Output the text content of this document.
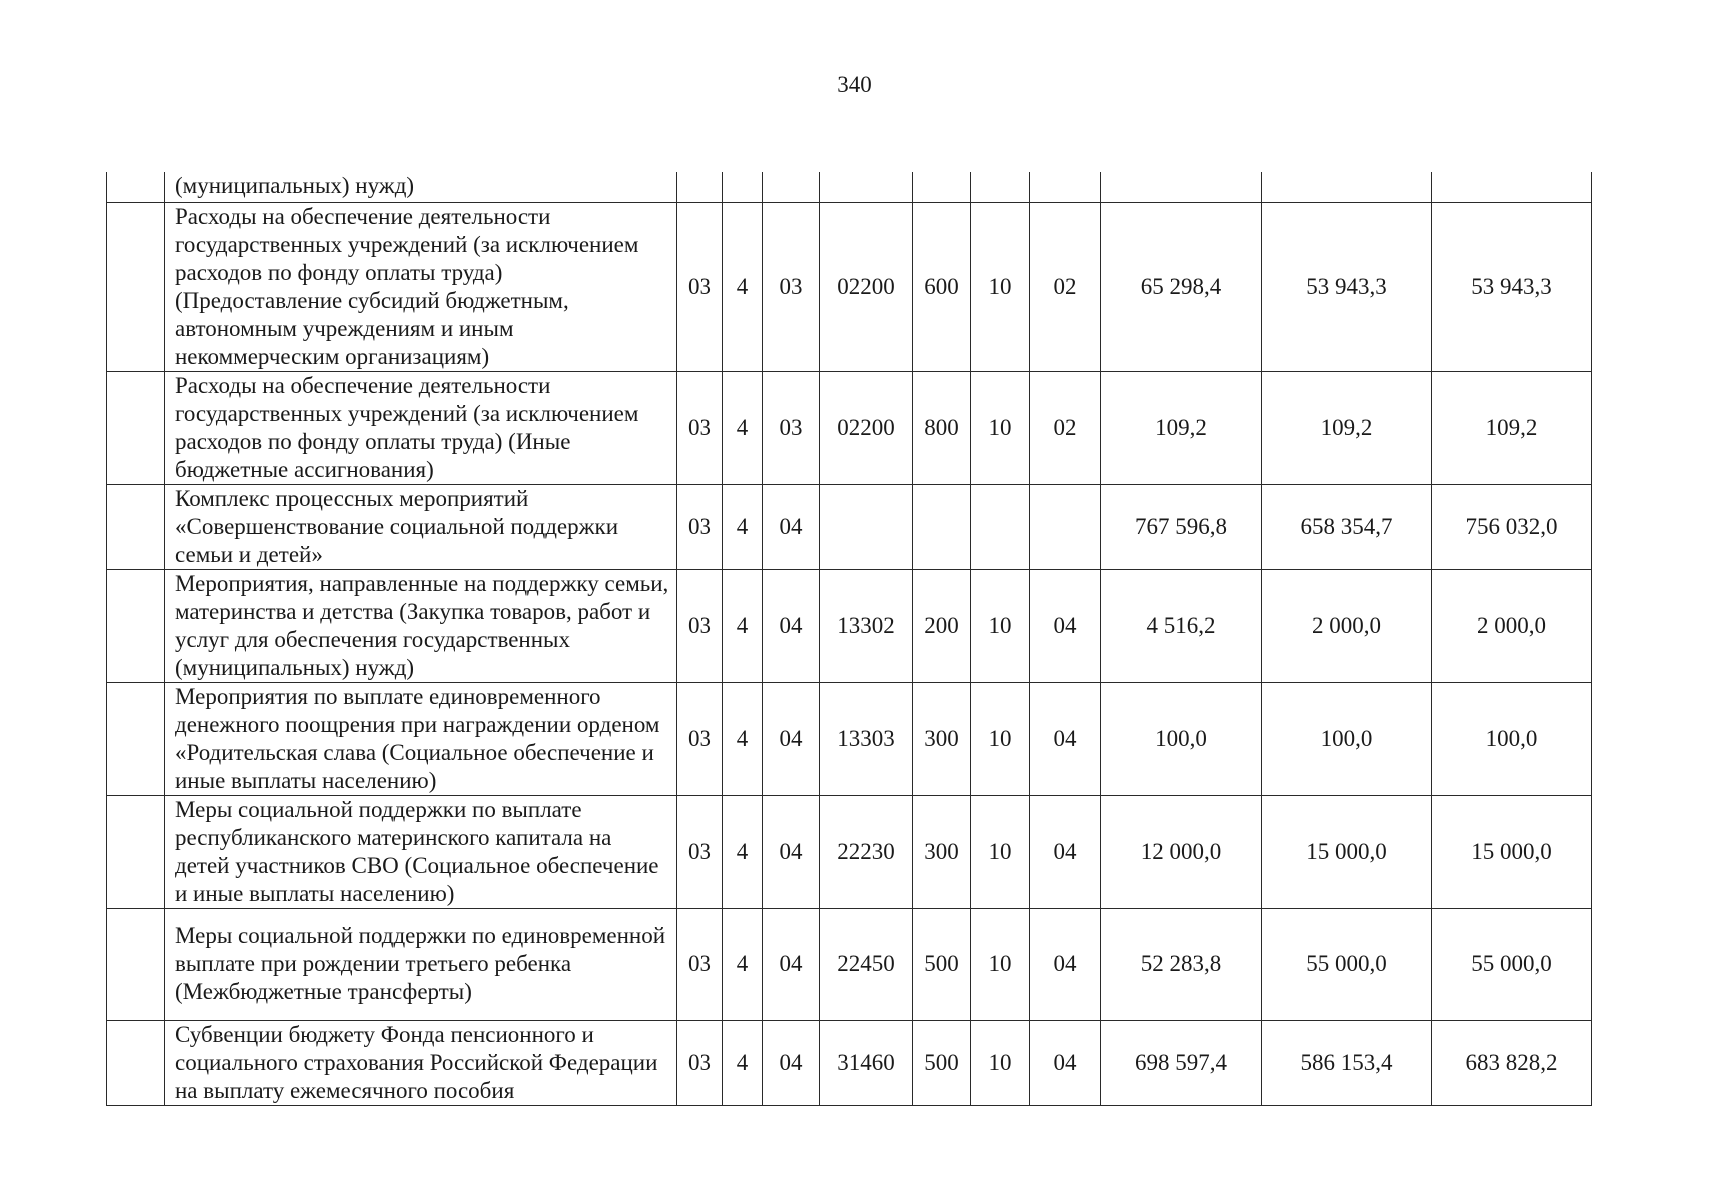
340
	(муниципальных) нужд)										
	Расходы на обеспечение деятельности государственных учреждений (за исключением расходов по фонду оплаты труда) (Предоставление субсидий бюджетным, автономным учреждениям и иным некоммерческим организациям)	03	4	03	02200	600	10	02	65 298,4	53 943,3	53 943,3
	Расходы на обеспечение деятельности государственных учреждений (за исключением расходов по фонду оплаты труда) (Иные бюджетные ассигнования)	03	4	03	02200	800	10	02	109,2	109,2	109,2
	Комплекс процессных мероприятий «Совершенствование социальной поддержки семьи и детей»	03	4	04					767 596,8	658 354,7	756 032,0
	Мероприятия, направленные на поддержку семьи, материнства и детства (Закупка товаров, работ и услуг для обеспечения государственных (муниципальных) нужд)	03	4	04	13302	200	10	04	4 516,2	2 000,0	2 000,0
	Мероприятия по выплате единовременного денежного поощрения при награждении орденом «Родительская слава (Социальное обеспечение и иные выплаты населению)	03	4	04	13303	300	10	04	100,0	100,0	100,0
	Меры социальной поддержки по выплате республиканского материнского капитала на детей участников СВО (Социальное обеспечение и иные выплаты населению)	03	4	04	22230	300	10	04	12 000,0	15 000,0	15 000,0
	Меры социальной поддержки по единовременной выплате при рождении третьего ребенка (Межбюджетные трансферты)	03	4	04	22450	500	10	04	52 283,8	55 000,0	55 000,0
	Субвенции бюджету Фонда пенсионного и социального страхования Российской Федерации на выплату ежемесячного пособия	03	4	04	31460	500	10	04	698 597,4	586 153,4	683 828,2
